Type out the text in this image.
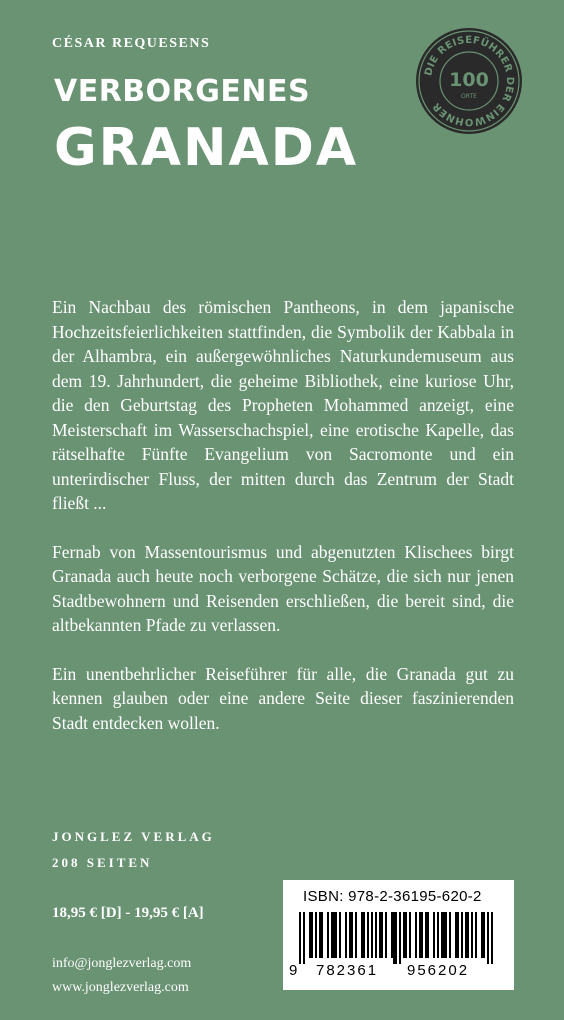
CÉSAR REQUESENS
VERBORGENES
GRANADA
DIE REISEFÜHRER DER EINWOHNER
100
ORTE

Ein Nachbau des römischen Pantheons, in dem japanische Hochzeitsfeierlichkeiten stattfinden, die Symbolik der Kabbala in der Alhambra, ein außergewöhnliches Naturkundemuseum aus dem 19. Jahrhundert, die geheime Bibliothek, eine kuriose Uhr, die den Geburtstag des Propheten Mohammed anzeigt, eine Meisterschaft im Wasserschachspiel, eine erotische Kapelle, das rätselhafte Fünfte Evangelium von Sacromonte und ein unterirdischer Fluss, der mitten durch das Zentrum der Stadt fließt ...

Fernab von Massentourismus und abgenutzten Klischees birgt Granada auch heute noch verborgene Schätze, die sich nur jenen Stadtbewohnern und Reisenden erschließen, die bereit sind, die altbekannten Pfade zu verlassen.

Ein unentbehrlicher Reiseführer für alle, die Granada gut zu kennen glauben oder eine andere Seite dieser faszinierenden Stadt entdecken wollen.

JONGLEZ VERLAG
208 SEITEN
18,95 € [D] - 19,95 € [A]
info@jonglezverlag.com
www.jonglezverlag.com
ISBN: 978-2-36195-620-2
9 782361 956202
